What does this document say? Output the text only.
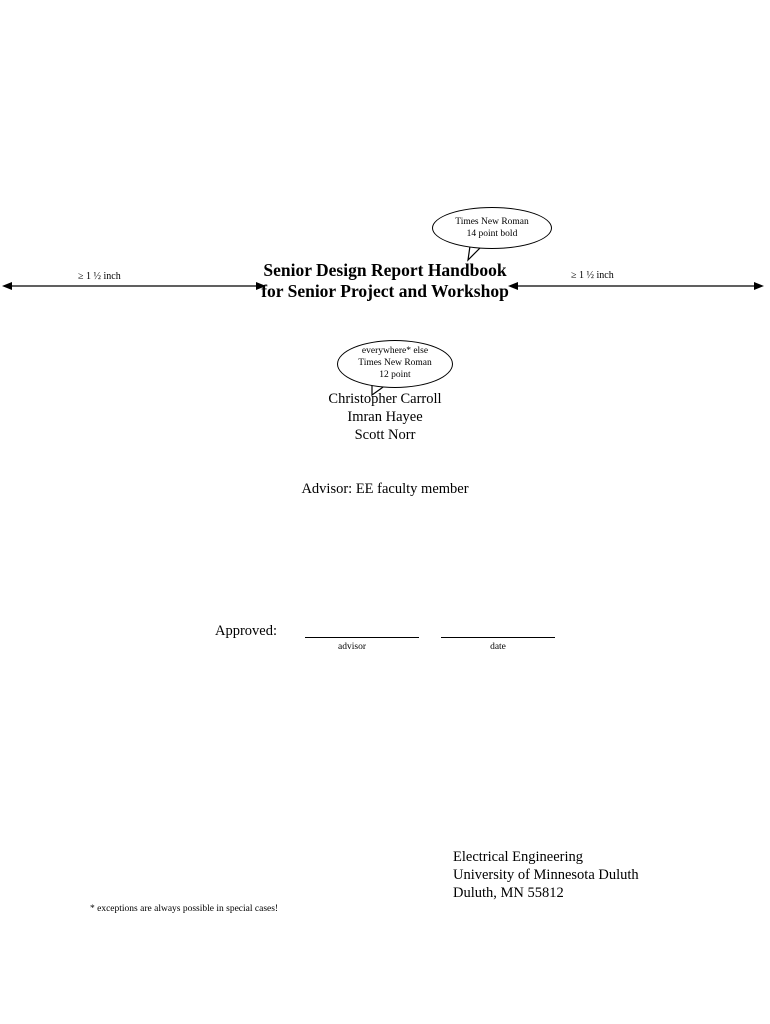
Times New Roman
14 point bold
everywhere* else
Times New Roman
12 point
≥ 1 ½ inch	≥ 1 ½ inch
Senior Design Report Handbook
for Senior Project and Workshop
Christopher Carroll
Imran Hayee
Scott Norr
Advisor: EE faculty member
Approved:
advisor	date
Electrical Engineering
University of Minnesota Duluth
Duluth, MN 55812
* exceptions are always possible in special cases!
